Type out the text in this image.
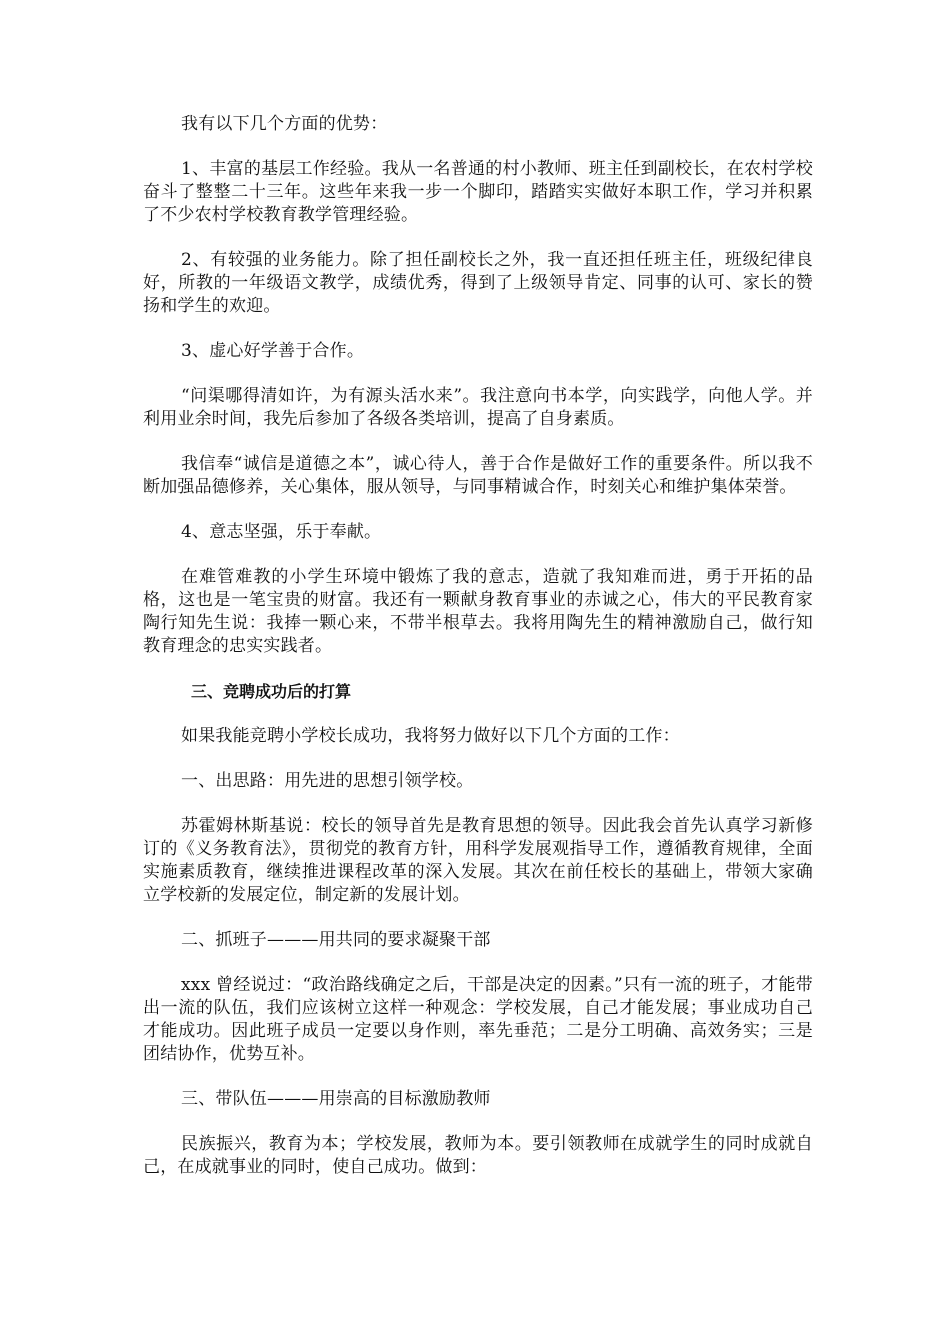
我有以下几个方面的优势：

1、丰富的基层工作经验。我从一名普通的村小教师、班主任到副校长，在农村学校奋斗了整整二十三年。这些年来我一步一个脚印，踏踏实实做好本职工作，学习并积累了不少农村学校教育教学管理经验。

2、有较强的业务能力。除了担任副校长之外，我一直还担任班主任，班级纪律良好，所教的一年级语文教学，成绩优秀，得到了上级领导肯定、同事的认可、家长的赞扬和学生的欢迎。

3、虚心好学善于合作。

“问渠哪得清如许，为有源头活水来”。我注意向书本学，向实践学，向他人学。并利用业余时间，我先后参加了各级各类培训，提高了自身素质。

我信奉“诚信是道德之本”，诚心待人，善于合作是做好工作的重要条件。所以我不断加强品德修养，关心集体，服从领导，与同事精诚合作，时刻关心和维护集体荣誉。

4、意志坚强，乐于奉献。

在难管难教的小学生环境中锻炼了我的意志，造就了我知难而进，勇于开拓的品格，这也是一笔宝贵的财富。我还有一颗献身教育事业的赤诚之心，伟大的平民教育家陶行知先生说：我捧一颗心来，不带半根草去。我将用陶先生的精神激励自己，做行知教育理念的忠实实践者。

三、竞聘成功后的打算

如果我能竞聘小学校长成功，我将努力做好以下几个方面的工作：

一、出思路：用先进的思想引领学校。

苏霍姆林斯基说：校长的领导首先是教育思想的领导。因此我会首先认真学习新修订的《义务教育法》，贯彻党的教育方针，用科学发展观指导工作，遵循教育规律，全面实施素质教育，继续推进课程改革的深入发展。其次在前任校长的基础上，带领大家确立学校新的发展定位，制定新的发展计划。

二、抓班子———用共同的要求凝聚干部

xxx 曾经说过：“政治路线确定之后，干部是决定的因素。”只有一流的班子，才能带出一流的队伍，我们应该树立这样一种观念：学校发展，自己才能发展；事业成功自己才能成功。因此班子成员一定要以身作则，率先垂范；二是分工明确、高效务实；三是团结协作，优势互补。

三、带队伍———用崇高的目标激励教师

民族振兴，教育为本；学校发展，教师为本。要引领教师在成就学生的同时成就自己，在成就事业的同时，使自己成功。做到：
